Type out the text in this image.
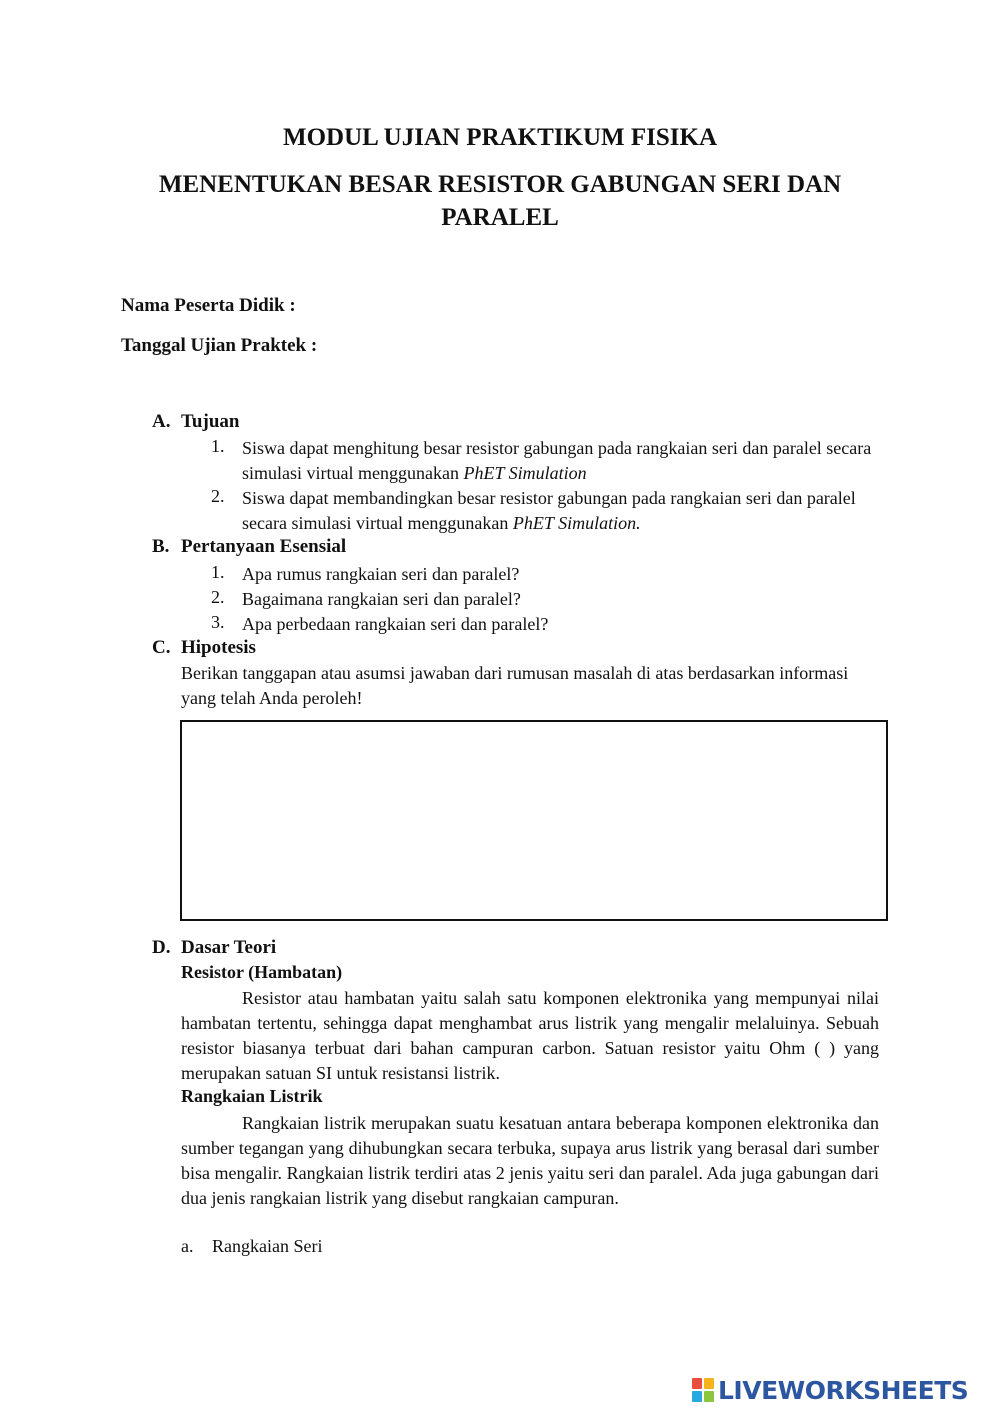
MODUL UJIAN PRAKTIKUM FISIKA
MENENTUKAN BESAR RESISTOR GABUNGAN SERI DAN PARALEL

Nama Peserta Didik :

Tanggal Ujian Praktek :

A. Tujuan
1. Siswa dapat menghitung besar resistor gabungan pada rangkaian seri dan paralel secara simulasi virtual menggunakan PhET Simulation
2. Siswa dapat membandingkan besar resistor gabungan pada rangkaian seri dan paralel secara simulasi virtual menggunakan PhET Simulation.
B. Pertanyaan Esensial
1. Apa rumus rangkaian seri dan paralel?
2. Bagaimana rangkaian seri dan paralel?
3. Apa perbedaan rangkaian seri dan paralel?
C. Hipotesis

Berikan tanggapan atau asumsi jawaban dari rumusan masalah di atas berdasarkan informasi yang telah Anda peroleh!

D. Dasar Teori
Resistor (Hambatan)

Resistor atau hambatan yaitu salah satu komponen elektronika yang mempunyai nilai hambatan tertentu, sehingga dapat menghambat arus listrik yang mengalir melaluinya. Sebuah resistor biasanya terbuat dari bahan campuran carbon. Satuan resistor yaitu Ohm ( ) yang merupakan satuan SI untuk resistansi listrik.

Rangkaian Listrik

Rangkaian listrik merupakan suatu kesatuan antara beberapa komponen elektronika dan sumber tegangan yang dihubungkan secara terbuka, supaya arus listrik yang berasal dari sumber bisa mengalir. Rangkaian listrik terdiri atas 2 jenis yaitu seri dan paralel. Ada juga gabungan dari dua jenis rangkaian listrik yang disebut rangkaian campuran.

a. Rangkaian Seri
LIVEWORKSHEETS
